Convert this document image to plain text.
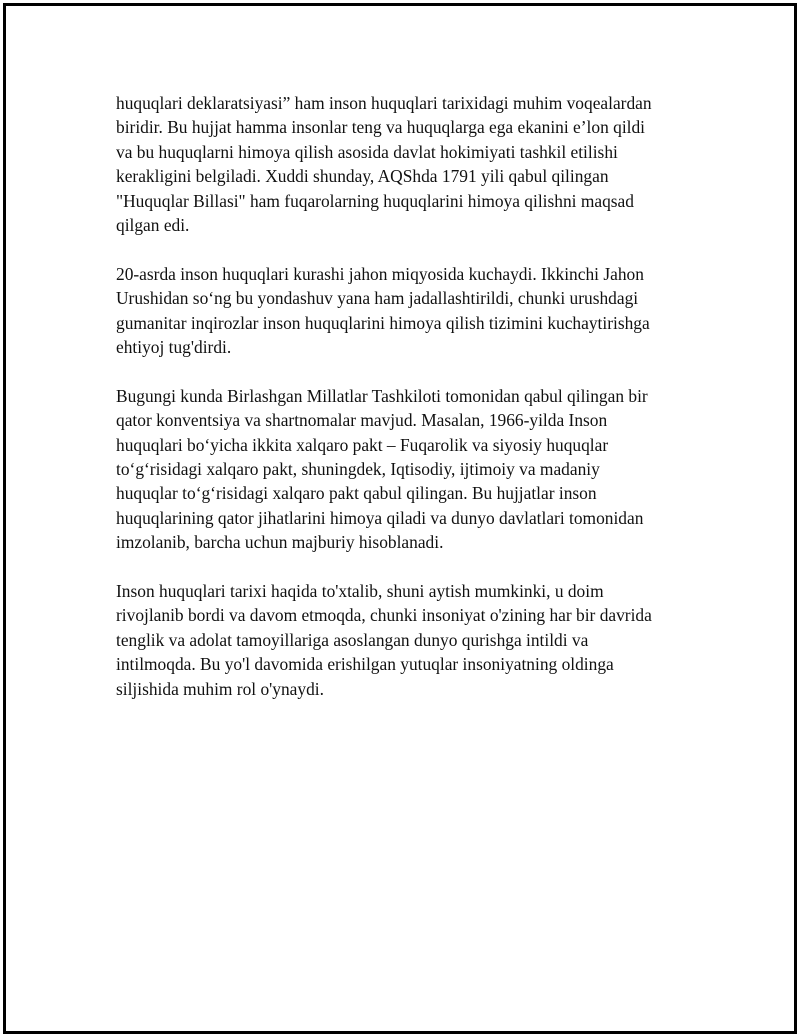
huquqlari deklaratsiyasi” ham inson huquqlari tarixidagi muhim voqealardan
biridir. Bu hujjat hamma insonlar teng va huquqlarga ega ekanini e’lon qildi
va bu huquqlarni himoya qilish asosida davlat hokimiyati tashkil etilishi
kerakligini belgiladi. Xuddi shunday, AQShda 1791 yili qabul qilingan
"Huquqlar Billasi" ham fuqarolarning huquqlarini himoya qilishni maqsad
qilgan edi.

20-asrda inson huquqlari kurashi jahon miqyosida kuchaydi. Ikkinchi Jahon
Urushidan so‘ng bu yondashuv yana ham jadallashtirildi, chunki urushdagi
gumanitar inqirozlar inson huquqlarini himoya qilish tizimini kuchaytirishga
ehtiyoj tug'dirdi.

Bugungi kunda Birlashgan Millatlar Tashkiloti tomonidan qabul qilingan bir
qator konventsiya va shartnomalar mavjud. Masalan, 1966-yilda Inson
huquqlari bo‘yicha ikkita xalqaro pakt – Fuqarolik va siyosiy huquqlar
to‘g‘risidagi xalqaro pakt, shuningdek, Iqtisodiy, ijtimoiy va madaniy
huquqlar to‘g‘risidagi xalqaro pakt qabul qilingan. Bu hujjatlar inson
huquqlarining qator jihatlarini himoya qiladi va dunyo davlatlari tomonidan
imzolanib, barcha uchun majburiy hisoblanadi.

Inson huquqlari tarixi haqida to'xtalib, shuni aytish mumkinki, u doim
rivojlanib bordi va davom etmoqda, chunki insoniyat o'zining har bir davrida
tenglik va adolat tamoyillariga asoslangan dunyo qurishga intildi va
intilmoqda. Bu yo'l davomida erishilgan yutuqlar insoniyatning oldinga
siljishida muhim rol o'ynaydi.
